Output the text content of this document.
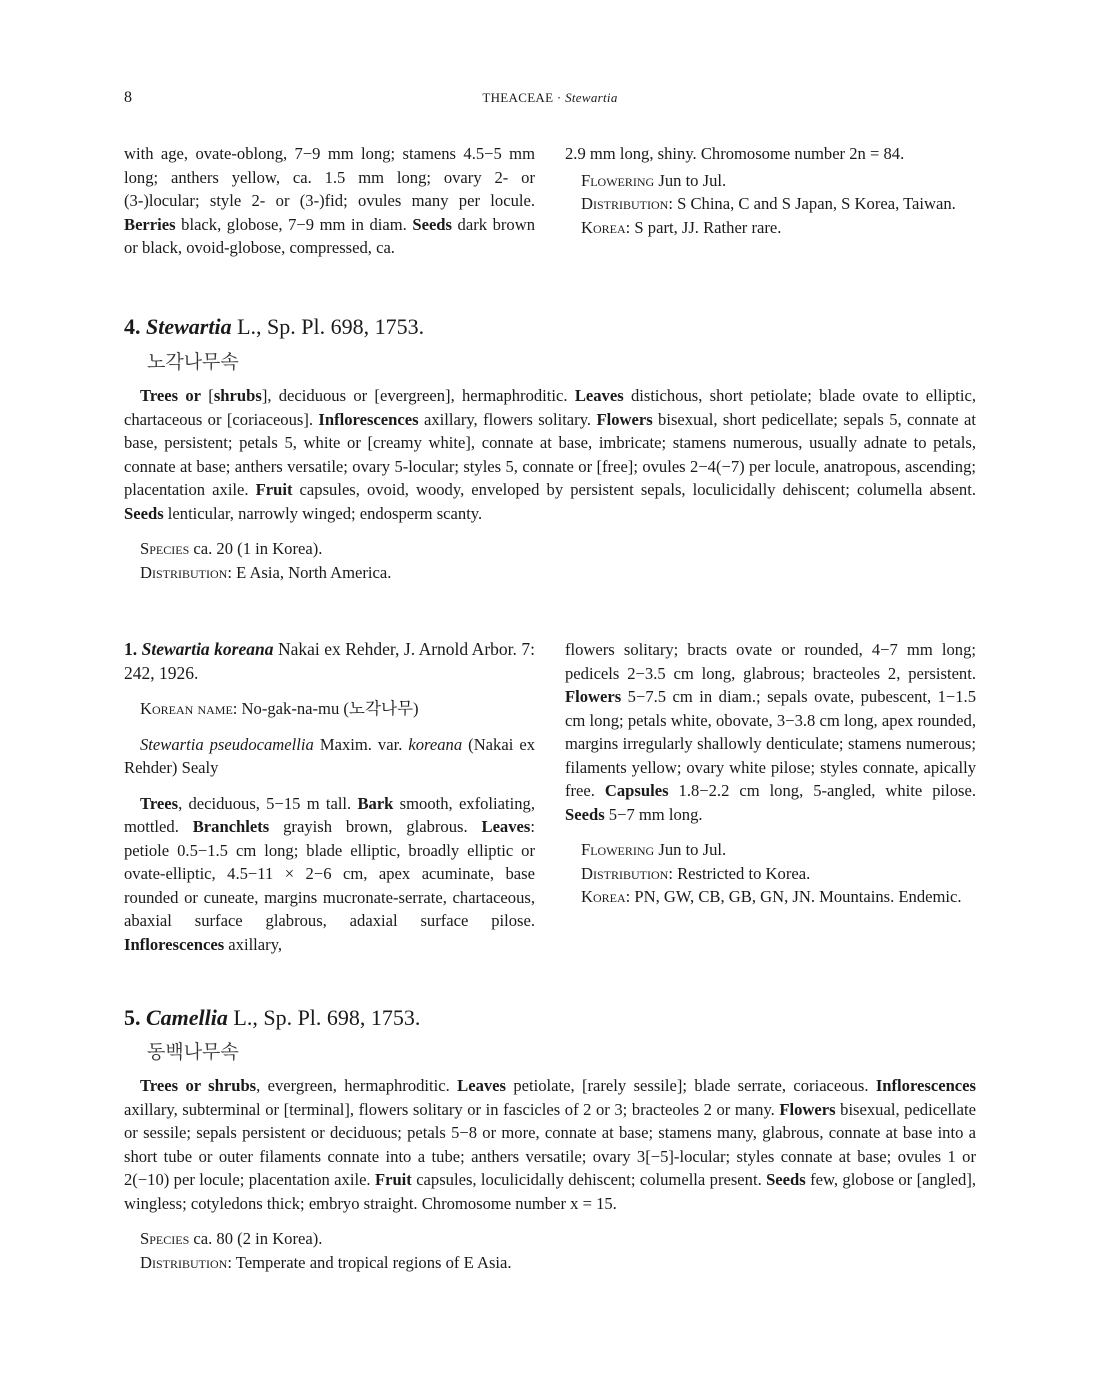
8	THEACEAE · Stewartia

with age, ovate-oblong, 7−9 mm long; stamens 4.5−5 mm long; anthers yellow, ca. 1.5 mm long; ovary 2- or (3-)locular; style 2- or (3-)fid; ovules many per locule. Berries black, globose, 7−9 mm in diam. Seeds dark brown or black, ovoid-globose, compressed, ca.

2.9 mm long, shiny. Chromosome number 2n = 84.

Flowering Jun to Jul.

Distribution: S China, C and S Japan, S Korea, Taiwan.

Korea: S part, JJ. Rather rare.

4. Stewartia L., Sp. Pl. 698, 1753.
노각나무속

Trees or [shrubs], deciduous or [evergreen], hermaphroditic. Leaves distichous, short petiolate; blade ovate to elliptic, chartaceous or [coriaceous]. Inflorescences axillary, flowers solitary. Flowers bisexual, short pedicellate; sepals 5, connate at base, persistent; petals 5, white or [creamy white], connate at base, imbricate; stamens numerous, usually adnate to petals, connate at base; anthers versatile; ovary 5-locular; styles 5, connate or [free]; ovules 2−4(−7) per locule, anatropous, ascending; placentation axile. Fruit capsules, ovoid, woody, enveloped by persistent sepals, loculicidally dehiscent; columella absent. Seeds lenticular, narrowly winged; endosperm scanty.

Species ca. 20 (1 in Korea).

Distribution: E Asia, North America.

1. Stewartia koreana Nakai ex Rehder, J. Arnold Arbor. 7: 242, 1926.

Korean name: No-gak-na-mu (노각나무)

Stewartia pseudocamellia Maxim. var. koreana (Nakai ex Rehder) Sealy

Trees, deciduous, 5−15 m tall. Bark smooth, exfoliating, mottled. Branchlets grayish brown, glabrous. Leaves: petiole 0.5−1.5 cm long; blade elliptic, broadly elliptic or ovate-elliptic, 4.5−11 × 2−6 cm, apex acuminate, base rounded or cuneate, margins mucronate-serrate, chartaceous, abaxial surface glabrous, adaxial surface pilose. Inflorescences axillary,

flowers solitary; bracts ovate or rounded, 4−7 mm long; pedicels 2−3.5 cm long, glabrous; bracteoles 2, persistent. Flowers 5−7.5 cm in diam.; sepals ovate, pubescent, 1−1.5 cm long; petals white, obovate, 3−3.8 cm long, apex rounded, margins irregularly shallowly denticulate; stamens numerous; filaments yellow; ovary white pilose; styles connate, apically free. Capsules 1.8−2.2 cm long, 5-angled, white pilose. Seeds 5−7 mm long.

Flowering Jun to Jul.

Distribution: Restricted to Korea.

Korea: PN, GW, CB, GB, GN, JN. Mountains. Endemic.

5. Camellia L., Sp. Pl. 698, 1753.
동백나무속

Trees or shrubs, evergreen, hermaphroditic. Leaves petiolate, [rarely sessile]; blade serrate, coriaceous. Inflorescences axillary, subterminal or [terminal], flowers solitary or in fascicles of 2 or 3; bracteoles 2 or many. Flowers bisexual, pedicellate or sessile; sepals persistent or deciduous; petals 5−8 or more, connate at base; stamens many, glabrous, connate at base into a short tube or outer filaments connate into a tube; anthers versatile; ovary 3[−5]-locular; styles connate at base; ovules 1 or 2(−10) per locule; placentation axile. Fruit capsules, loculicidally dehiscent; columella present. Seeds few, globose or [angled], wingless; cotyledons thick; embryo straight. Chromosome number x = 15.

Species ca. 80 (2 in Korea).

Distribution: Temperate and tropical regions of E Asia.
